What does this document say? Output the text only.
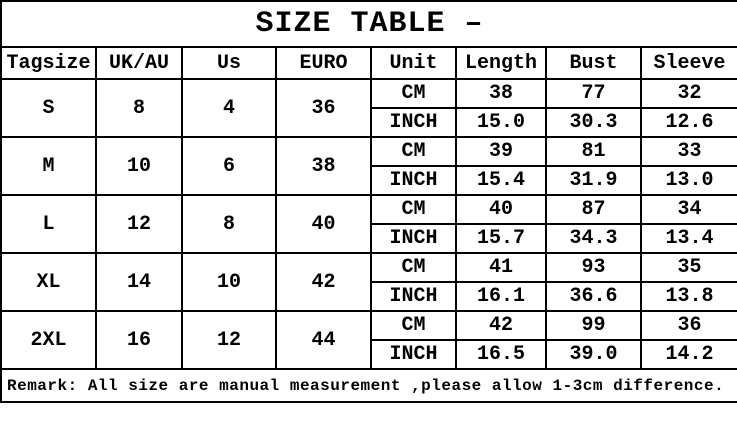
SIZE TABLE –							
Tagsize	UK/AU	Us	EURO	Unit	Length	Bust	Sleeve
S	8	4	36	CM	38	77	32
				INCH	15.0	30.3	12.6
M	10	6	38	CM	39	81	33
				INCH	15.4	31.9	13.0
L	12	8	40	CM	40	87	34
				INCH	15.7	34.3	13.4
XL	14	10	42	CM	41	93	35
				INCH	16.1	36.6	13.8
2XL	16	12	44	CM	42	99	36
				INCH	16.5	39.0	14.2
Remark: All size are manual measurement ,please allow 1-3cm difference.							
